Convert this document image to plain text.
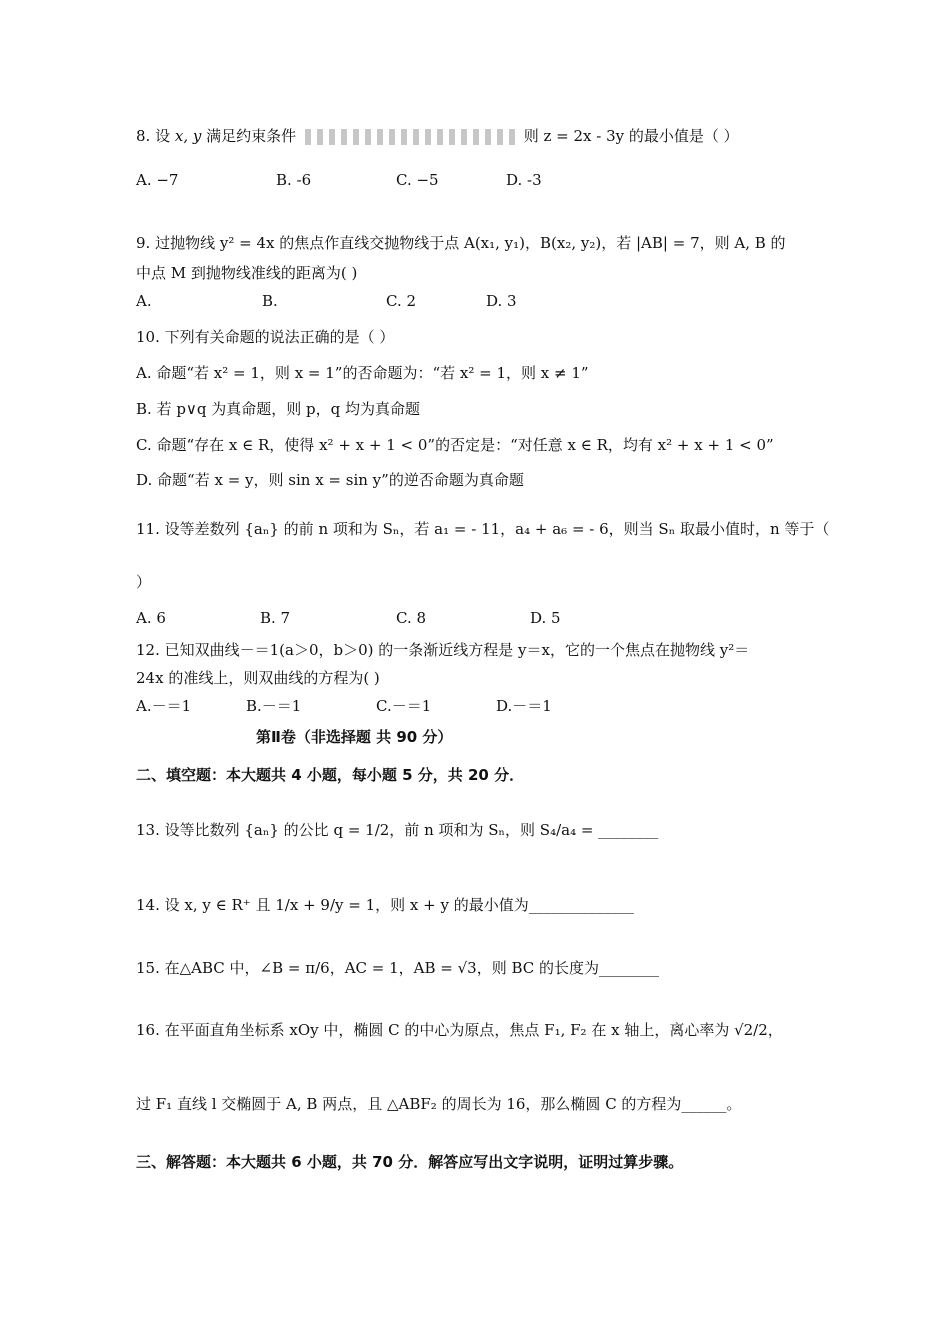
8. 设 x, y 满足约束条件	则 z = 2x - 3y 的最小值是（ ）
A. −7	B. -6	C. −5	D. -3
9. 过抛物线 y² = 4x 的焦点作直线交抛物线于点 A(x₁, y₁)，B(x₂, y₂)，若 |AB| = 7，则 A, B 的
中点 M 到抛物线准线的距离为( )
A.	B.	C. 2	D. 3
10. 下列有关命题的说法正确的是（ ）
A. 命题“若 x² = 1，则 x = 1”的否命题为：“若 x² = 1，则 x ≠ 1”
B. 若 p∨q 为真命题，则 p，q 均为真命题
C. 命题“存在 x ∈ R，使得 x² + x + 1 < 0”的否定是：“对任意 x ∈ R，均有 x² + x + 1 < 0”
D. 命题“若 x = y，则 sin x = sin y”的逆否命题为真命题
11. 设等差数列 {aₙ} 的前 n 项和为 Sₙ，若 a₁ = - 11，a₄ + a₆ = - 6，则当 Sₙ 取最小值时，n 等于（
）
A. 6	B. 7	C. 8	D. 5
12. 已知双曲线－＝1(a＞0，b＞0) 的一条渐近线方程是 y＝x，它的一个焦点在抛物线 y²＝
24x 的准线上，则双曲线的方程为( )
A.－＝1	B.－＝1	C.－＝1	D.－＝1
第Ⅱ卷（非选择题 共 90 分）
二、填空题：本大题共 4 小题，每小题 5 分，共 20 分．
13. 设等比数列 {aₙ} 的公比 q = 1/2，前 n 项和为 Sₙ，则 S₄/a₄ = ________
14. 设 x, y ∈ R⁺ 且 1/x + 9/y = 1，则 x + y 的最小值为______________
15. 在△ABC 中，∠B = π/6，AC = 1，AB = √3，则 BC 的长度为________
16. 在平面直角坐标系 xOy 中，椭圆 C 的中心为原点，焦点 F₁, F₂ 在 x 轴上，离心率为 √2/2，
过 F₁ 直线 l 交椭圆于 A, B 两点，且 △ABF₂ 的周长为 16，那么椭圆 C 的方程为______。
三、解答题：本大题共 6 小题，共 70 分．解答应写出文字说明，证明过算步骤。
